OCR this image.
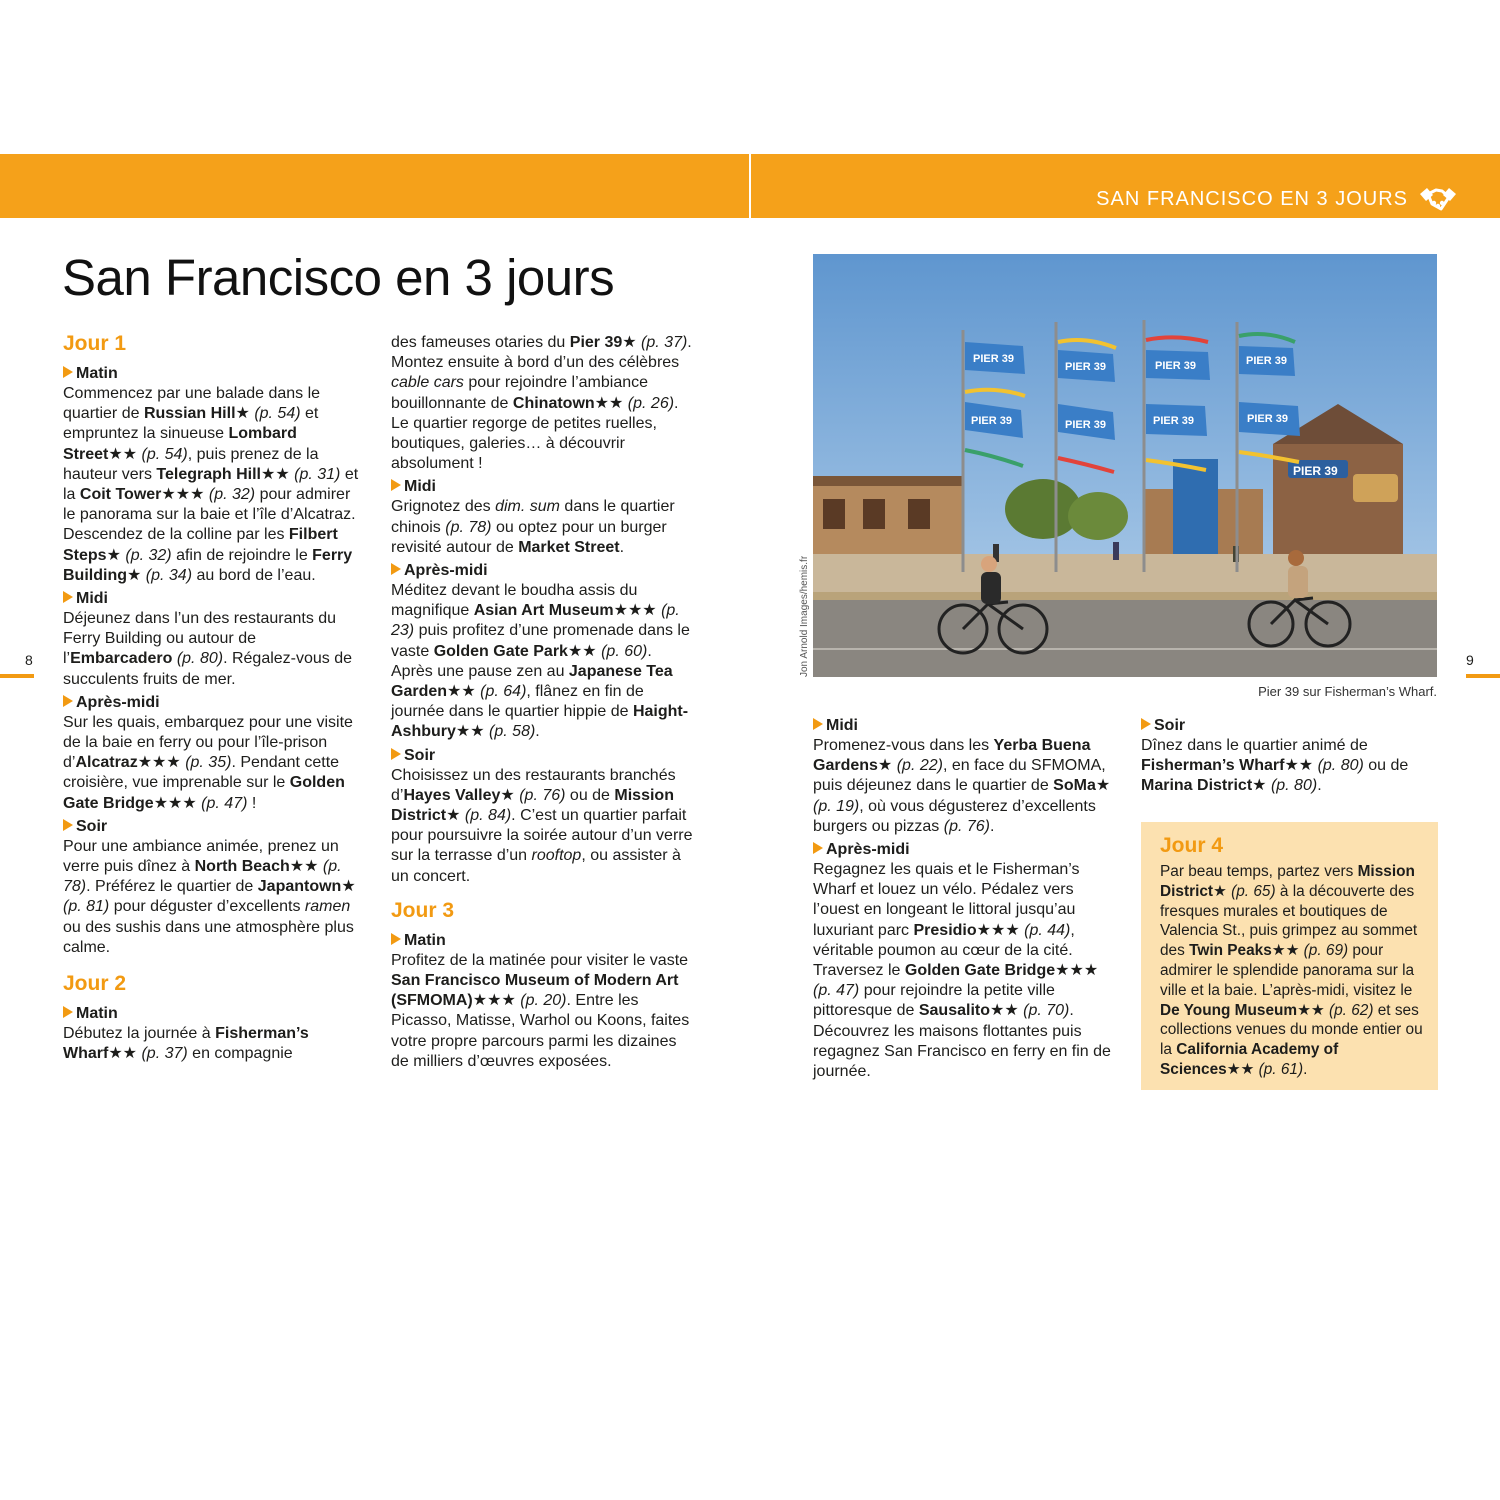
SAN FRANCISCO EN 3 JOURS
San Francisco en 3 jours
Jour 1
Matin

Commencez par une balade dans le quartier de Russian Hill★ (p. 54) et empruntez la sinueuse Lombard Street★★ (p. 54), puis prenez de la hauteur vers Telegraph Hill★★ (p. 31) et la Coit Tower★★★ (p. 32) pour admirer le panorama sur la baie et l’île d’Alcatraz. Descendez de la colline par les Filbert Steps★ (p. 32) afin de rejoindre le Ferry Building★ (p. 34) au bord de l’eau.

Midi

Déjeunez dans l’un des restaurants du Ferry Building ou autour de l’Embarcadero (p. 80). Régalez-vous de succulents fruits de mer.

Après-midi

Sur les quais, embarquez pour une visite de la baie en ferry ou pour l’île-prison d’Alcatraz★★★ (p. 35). Pendant cette croisière, vue imprenable sur le Golden Gate Bridge★★★ (p. 47) !

Soir

Pour une ambiance animée, prenez un verre puis dînez à North Beach★★ (p. 78). Préférez le quartier de Japantown★ (p. 81) pour déguster d’excellents ramen ou des sushis dans une atmosphère plus calme.

Jour 2
Matin

Débutez la journée à Fisherman’s Wharf★★ (p. 37) en compagnie

des fameuses otaries du Pier 39★ (p. 37). Montez ensuite à bord d’un des célèbres cable cars pour rejoindre l’ambiance bouillonnante de Chinatown★★ (p. 26). Le quartier regorge de petites ruelles, boutiques, galeries… à découvrir absolument !

Midi

Grignotez des dim. sum dans le quartier chinois (p. 78) ou optez pour un burger revisité autour de Market Street.

Après-midi

Méditez devant le boudha assis du magnifique Asian Art Museum★★★ (p. 23) puis profitez d’une promenade dans le vaste Golden Gate Park★★ (p. 60). Après une pause zen au Japanese Tea Garden★★ (p. 64), flânez en fin de journée dans le quartier hippie de Haight-Ashbury★★ (p. 58).

Soir

Choisissez un des restaurants branchés d’Hayes Valley★ (p. 76) ou de Mission District★ (p. 84). C’est un quartier parfait pour poursuivre la soirée autour d’un verre sur la terrasse d’un rooftop, ou assister à un concert.

Jour 3
Matin

Profitez de la matinée pour visiter le vaste San Francisco Museum of Modern Art (SFMOMA)★★★ (p. 20). Entre les Picasso, Matisse, Warhol ou Koons, faites votre propre parcours parmi les dizaines de milliers d’œuvres exposées.

PIER 39
PIER 39
PIER 39	PIER 39	PIER 39
PIER 39	PIER 39	PIER 39	PIER 39
Jon Arnold Images/hemis.fr
Pier 39 sur Fisherman’s Wharf.
Midi

Promenez-vous dans les Yerba Buena Gardens★ (p. 22), en face du SFMOMA, puis déjeunez dans le quartier de SoMa★ (p. 19), où vous dégusterez d’excellents burgers ou pizzas (p. 76).

Après-midi

Regagnez les quais et le Fisherman’s Wharf et louez un vélo. Pédalez vers l’ouest en longeant le littoral jusqu’au luxuriant parc Presidio★★★ (p. 44), véritable poumon au cœur de la cité. Traversez le Golden Gate Bridge★★★ (p. 47) pour rejoindre la petite ville pittoresque de Sausalito★★ (p. 70). Découvrez les maisons flottantes puis regagnez San Francisco en ferry en fin de journée.

Soir

Dînez dans le quartier animé de Fisherman’s Wharf★★ (p. 80) ou de Marina District★ (p. 80).

Jour 4

Par beau temps, partez vers Mission District★ (p. 65) à la découverte des fresques murales et boutiques de Valencia St., puis grimpez au sommet des Twin Peaks★★ (p. 69) pour admirer le splendide panorama sur la ville et la baie. L’après-midi, visitez le De Young Museum★★ (p. 62) et ses collections venues du monde entier ou la California Academy of Sciences★★ (p. 61).

8	9
